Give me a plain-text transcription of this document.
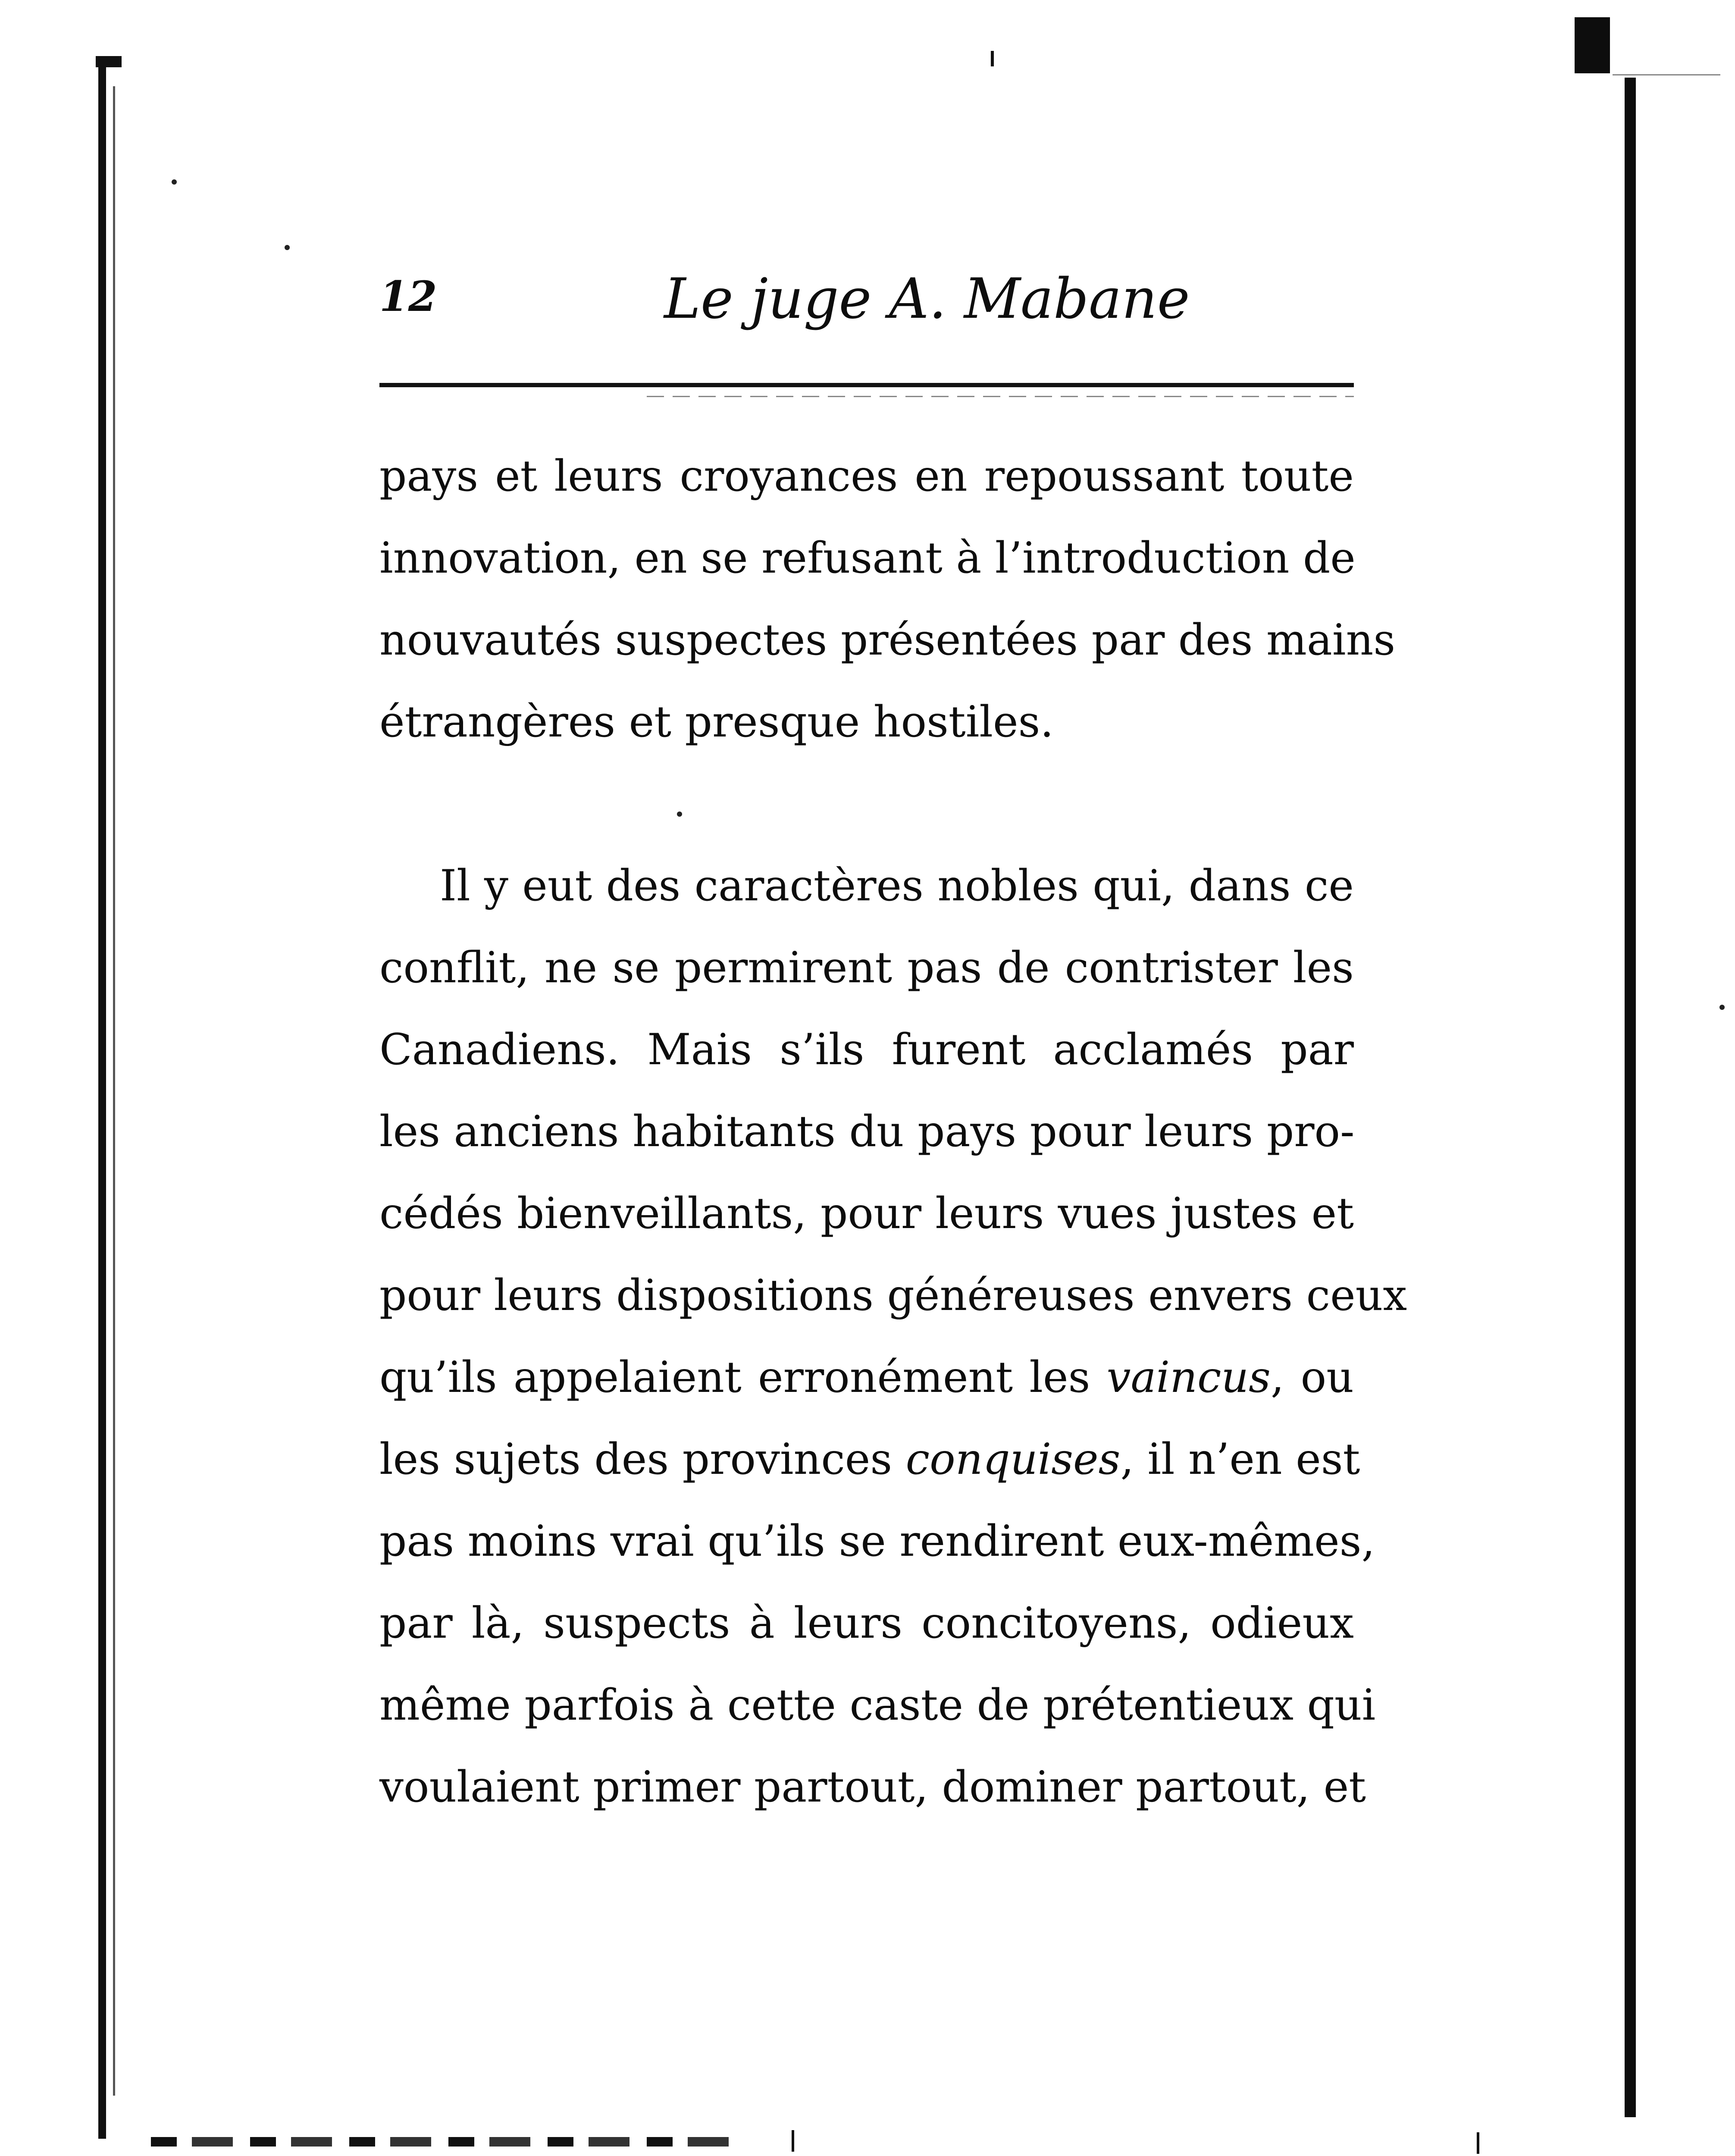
12	Le juge A. Mabane

pays et leurs croyances en repoussant toute
innovation, en se refusant à l’introduction de
nouvautés suspectes présentées par des mains
étrangères et presque hostiles.

Il y eut des caractères nobles qui, dans ce
conflit, ne se permirent pas de contrister les
Canadiens. Mais s’ils furent acclamés par
les anciens habitants du pays pour leurs pro-
cédés bienveillants, pour leurs vues justes et
pour leurs dispositions généreuses envers ceux
qu’ils appelaient erronément les vaincus, ou
les sujets des provinces conquises, il n’en est
pas moins vrai qu’ils se rendirent eux-mêmes,
par là, suspects à leurs concitoyens, odieux
même parfois à cette caste de prétentieux qui
voulaient primer partout, dominer partout, et
